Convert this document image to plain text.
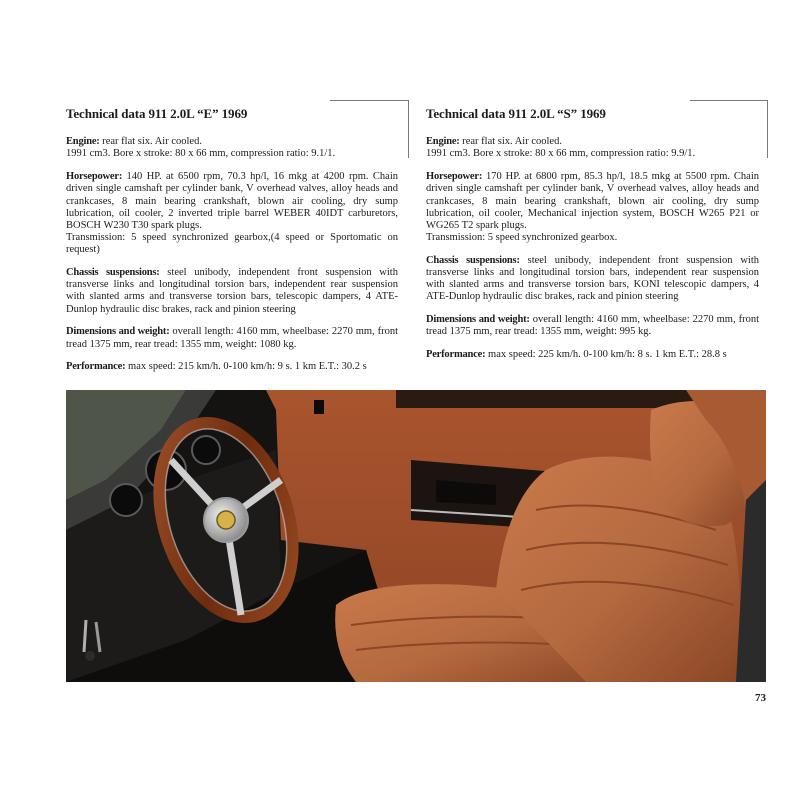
Technical data 911 2.0L “E” 1969

Engine: rear flat six. Air cooled.
1991 cm3. Bore x stroke: 80 x 66 mm, compression ratio: 9.1/1.

Horsepower: 140 HP. at 6500 rpm, 70.3 hp/l, 16 mkg at 4200 rpm. Chain driven single camshaft per cylinder bank, V overhead valves, alloy heads and crankcases, 8 main bearing crankshaft, blown air cooling, dry sump lubrication, oil cooler, 2 inverted triple barrel WEBER 40IDT carburetors, BOSCH W230 T30 spark plugs.
Transmission: 5 speed synchronized gearbox,(4 speed or Sportomatic on request)

Chassis suspensions: steel unibody, independent front suspension with transverse links and longitudinal torsion bars, independent rear suspension with slanted arms and transverse torsion bars, telescopic dampers, 4 ATE-Dunlop hydraulic disc brakes, rack and pinion steering

Dimensions and weight: overall length: 4160 mm, wheelbase: 2270 mm, front tread 1375 mm, rear tread: 1355 mm, weight: 1080 kg.

Performance: max speed: 215 km/h. 0-100 km/h: 9 s. 1 km E.T.: 30.2 s

Technical data 911 2.0L “S” 1969

Engine: rear flat six. Air cooled.
1991 cm3. Bore x stroke: 80 x 66 mm, compression ratio: 9.9/1.

Horsepower: 170 HP. at 6800 rpm, 85.3 hp/l, 18.5 mkg at 5500 rpm. Chain driven single camshaft per cylinder bank, V overhead valves, alloy heads and crankcases, 8 main bearing crankshaft, blown air cooling, dry sump lubrication, oil cooler, Mechanical injection system, BOSCH W265 P21 or WG265 T2 spark plugs.
Transmission: 5 speed synchronized gearbox.

Chassis suspensions: steel unibody, independent front suspension with transverse links and longitudinal torsion bars, independent rear suspension with slanted arms and transverse torsion bars, KONI telescopic dampers, 4 ATE-Dunlop hydraulic disc brakes, rack and pinion steering

Dimensions and weight: overall length: 4160 mm, wheelbase: 2270 mm, front tread 1375 mm, rear tread: 1355 mm, weight: 995 kg.

Performance: max speed: 225 km/h. 0-100 km/h: 8 s. 1 km E.T.: 28.8 s

73
